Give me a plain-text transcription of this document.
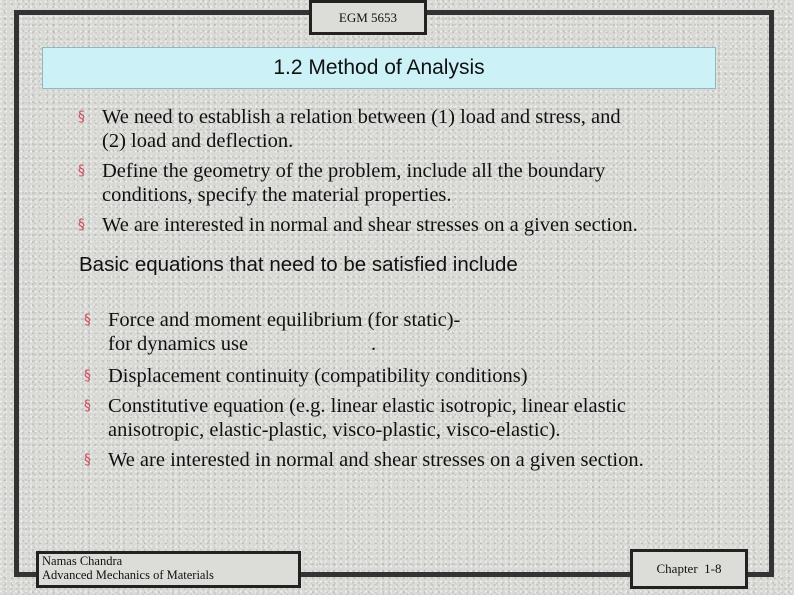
EGM 5653
1.2 Method of Analysis
§ We need to establish a relation between (1) load and stress, and
(2) load and deflection.
§ Define the geometry of the problem, include all the boundary
conditions, specify the material properties.
§ We are interested in normal and shear stresses on a given section.
Basic equations that need to be satisfied include
§ Force and moment equilibrium (for static)-
for dynamics use                        .
§ Displacement continuity (compatibility conditions)
§ Constitutive equation (e.g. linear elastic isotropic, linear elastic
anisotropic, elastic-plastic, visco-plastic, visco-elastic).
§ We are interested in normal and shear stresses on a given section.
Namas Chandra
Advanced Mechanics of Materials	Chapter  1-8
